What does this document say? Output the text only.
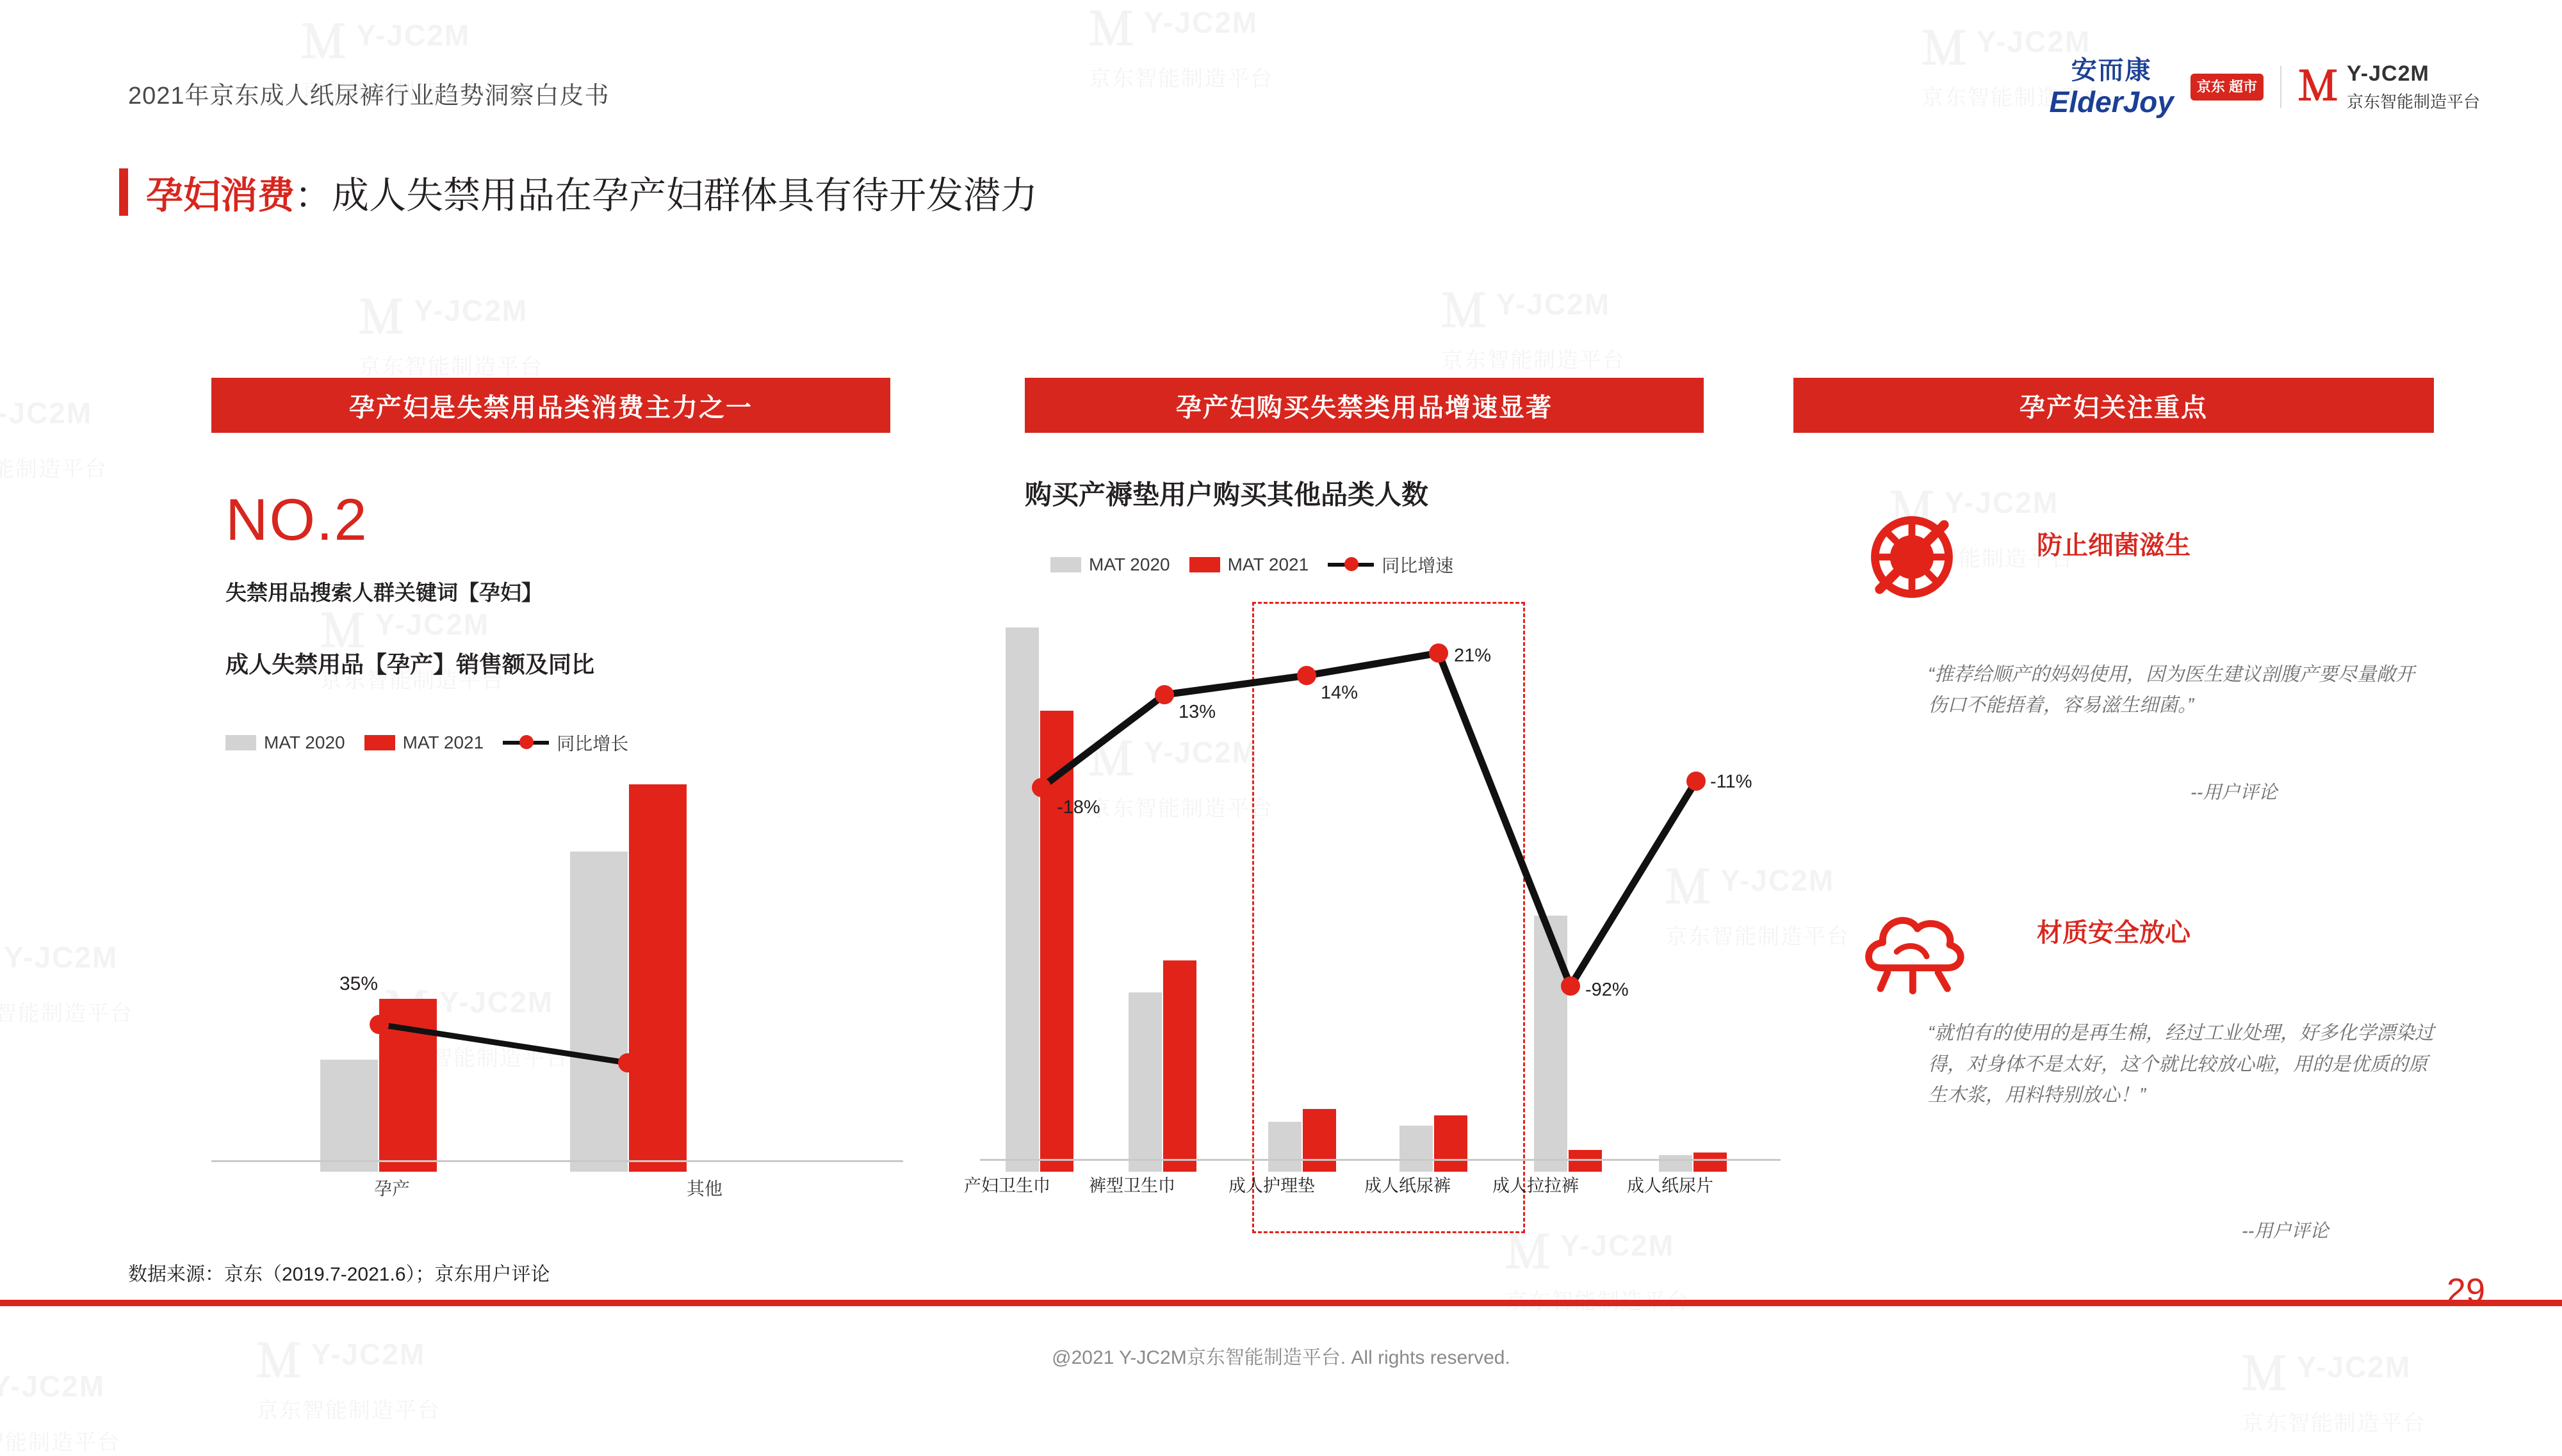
2021年京东成人纸尿裤行业趋势洞察白皮书
安而康
ElderJoy	京东 超市 Ｍ Y-JC2M
京东智能制造平台
孕妇消费 ：成人失禁用品在孕产妇群体具有待开发潜力
孕产妇是失禁用品类消费主力之一	孕产妇购买失禁类用品增速显著	孕产妇关注重点
NO.2
失禁用品搜索人群关键词【孕妇】
成人失禁用品【孕产】销售额及同比
MAT 2020	MAT 2021	同比增长
35%
孕产	其他
购买产褥垫用户购买其他品类人数
MAT 2020	MAT 2021	同比增速
-18%
13%
14%
21%
-92%
-11%
产妇卫生巾 裤型卫生巾	成人护理垫	成人纸尿裤 成人拉拉裤	成人纸尿片
防止细菌滋生
“推荐给顺产的妈妈使用，因为医生建议剖腹产要尽量敞开伤口不能捂着，容易滋生细菌。”
--用户评论
材质安全放心
“就怕有的使用的是再生棉，经过工业处理，好多化学漂染过得，对身体不是太好，这个就比较放心啦，用的是优质的原生木浆，用料特别放心！”
--用户评论
数据来源：京东（2019.7-2021.6）；京东用户评论	29
@2021 Y-JC2M京东智能制造平台. All rights reserved.
